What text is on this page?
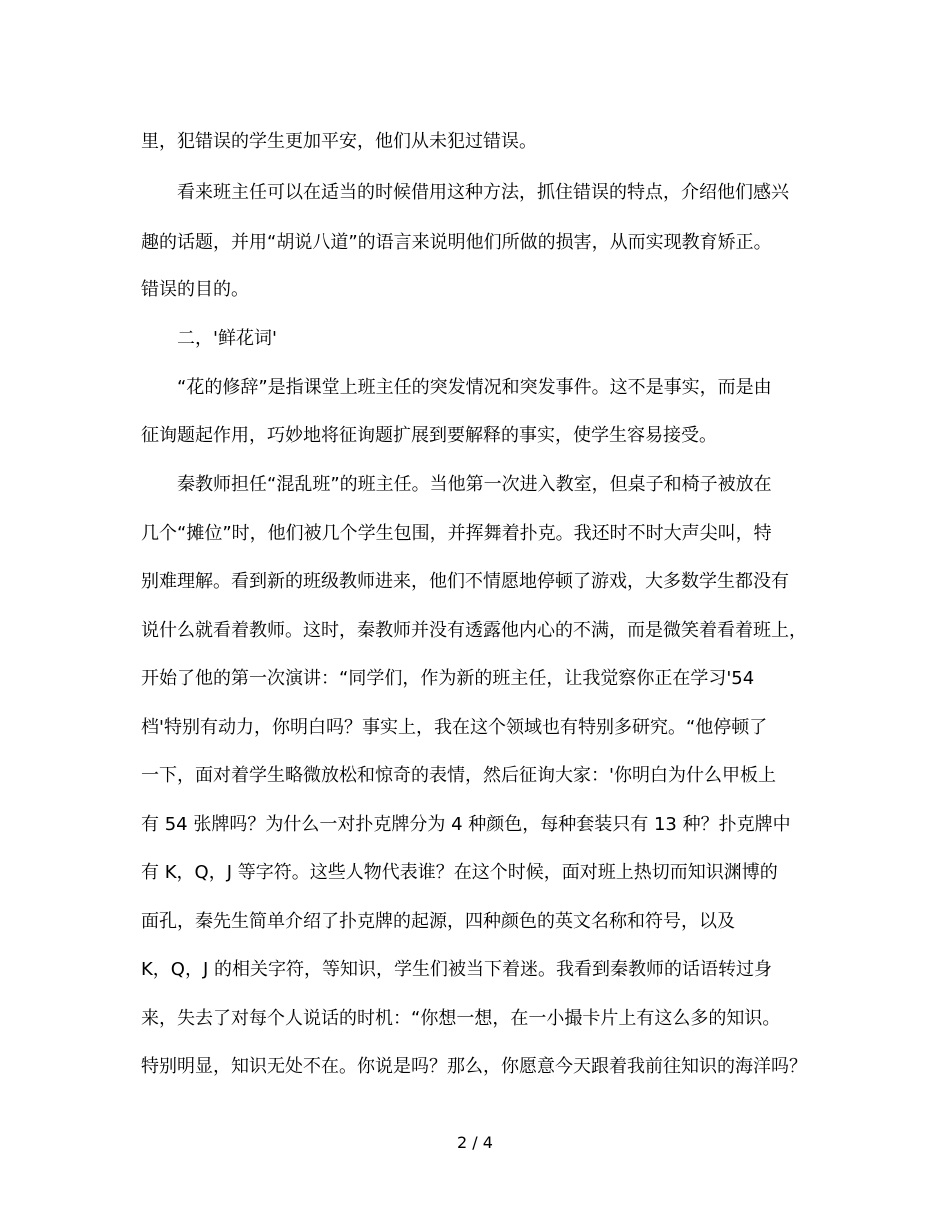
里，犯错误的学生更加平安，他们从未犯过错误。
看来班主任可以在适当的时候借用这种方法，抓住错误的特点，介绍他们感兴
趣的话题，并用“胡说八道”的语言来说明他们所做的损害，从而实现教育矫正。
错误的目的。
二，'鲜花词'
“花的修辞”是指课堂上班主任的突发情况和突发事件。这不是事实，而是由
征询题起作用，巧妙地将征询题扩展到要解释的事实，使学生容易接受。
秦教师担任“混乱班”的班主任。当他第一次进入教室，但桌子和椅子被放在
几个“摊位”时，他们被几个学生包围，并挥舞着扑克。我还时不时大声尖叫，特
别难理解。看到新的班级教师进来，他们不情愿地停顿了游戏，大多数学生都没有
说什么就看着教师。这时，秦教师并没有透露他内心的不满，而是微笑着看着班上，
开始了他的第一次演讲：“同学们，作为新的班主任，让我觉察你正在学习'54
档'特别有动力，你明白吗？事实上，我在这个领域也有特别多研究。“他停顿了
一下，面对着学生略微放松和惊奇的表情，然后征询大家：'你明白为什么甲板上
有 54 张牌吗？为什么一对扑克牌分为 4 种颜色，每种套装只有 13 种？扑克牌中
有 K，Q，J 等字符。这些人物代表谁？在这个时候，面对班上热切而知识渊博的
面孔，秦先生简单介绍了扑克牌的起源，四种颜色的英文名称和符号，以及
K，Q，J 的相关字符，等知识，学生们被当下着迷。我看到秦教师的话语转过身
来，失去了对每个人说话的时机：“你想一想，在一小撮卡片上有这么多的知识。
特别明显，知识无处不在。你说是吗？那么，你愿意今天跟着我前往知识的海洋吗？
2 / 4
